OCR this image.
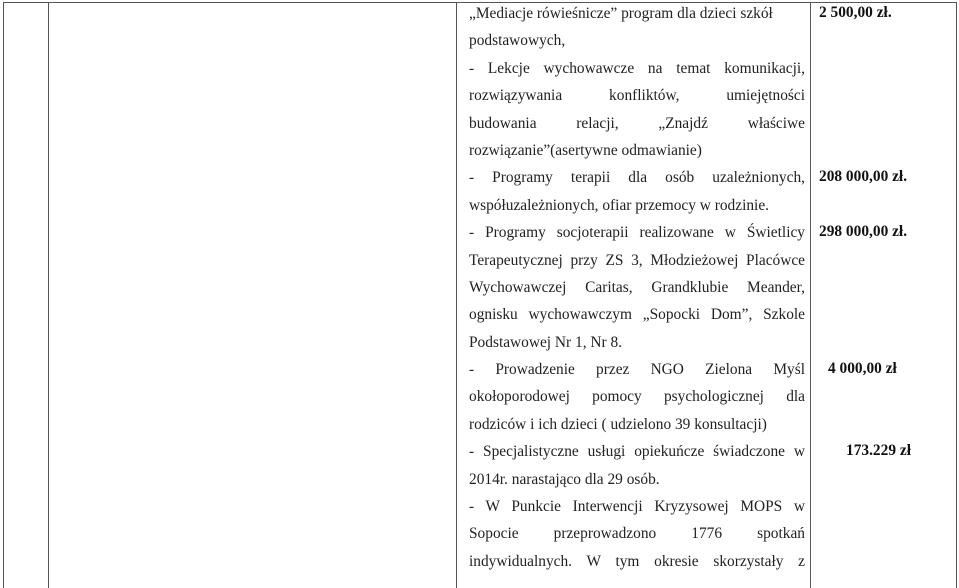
„Mediacje rówieśnicze” program dla dzieci szkół
podstawowych,
- Lekcje wychowawcze na temat komunikacji,
rozwiązywania konfliktów, umiejętności
budowania relacji, „Znajdź właściwe
rozwiązanie”(asertywne odmawianie)
- Programy terapii dla osób uzależnionych,
współuzależnionych, ofiar przemocy w rodzinie.
- Programy socjoterapii realizowane w Świetlicy
Terapeutycznej przy ZS 3, Młodzieżowej Placówce
Wychowawczej Caritas, Grandklubie Meander,
ognisku wychowawczym „Sopocki Dom”, Szkole
Podstawowej Nr 1, Nr 8.
- Prowadzenie przez NGO Zielona Myśl
okołoporodowej pomocy psychologicznej dla
rodziców i ich dzieci ( udzielono 39 konsultacji)
- Specjalistyczne usługi opiekuńcze świadczone w
2014r. narastająco dla 29 osób.
- W Punkcie Interwencji Kryzysowej MOPS w
Sopocie przeprowadzono 1776 spotkań
indywidualnych. W tym okresie skorzystały z
2 500,00 zł.
208 000,00 zł.
298 000,00 zł.
4 000,00 zł
173.229 zł
